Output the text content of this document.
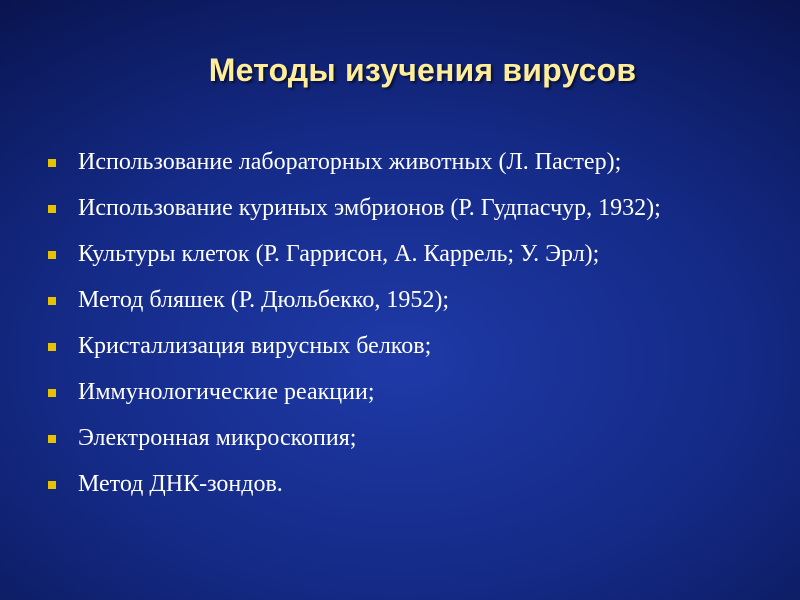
Методы изучения вирусов
Использование лабораторных животных (Л. Пастер);
Использование куриных эмбрионов (Р. Гудпасчур, 1932);
Культуры клеток (Р. Гаррисон, А. Каррель; У. Эрл);
Метод бляшек (Р. Дюльбекко, 1952);
Кристаллизация вирусных белков;
Иммунологические реакции;
Электронная микроскопия;
Метод ДНК-зондов.
